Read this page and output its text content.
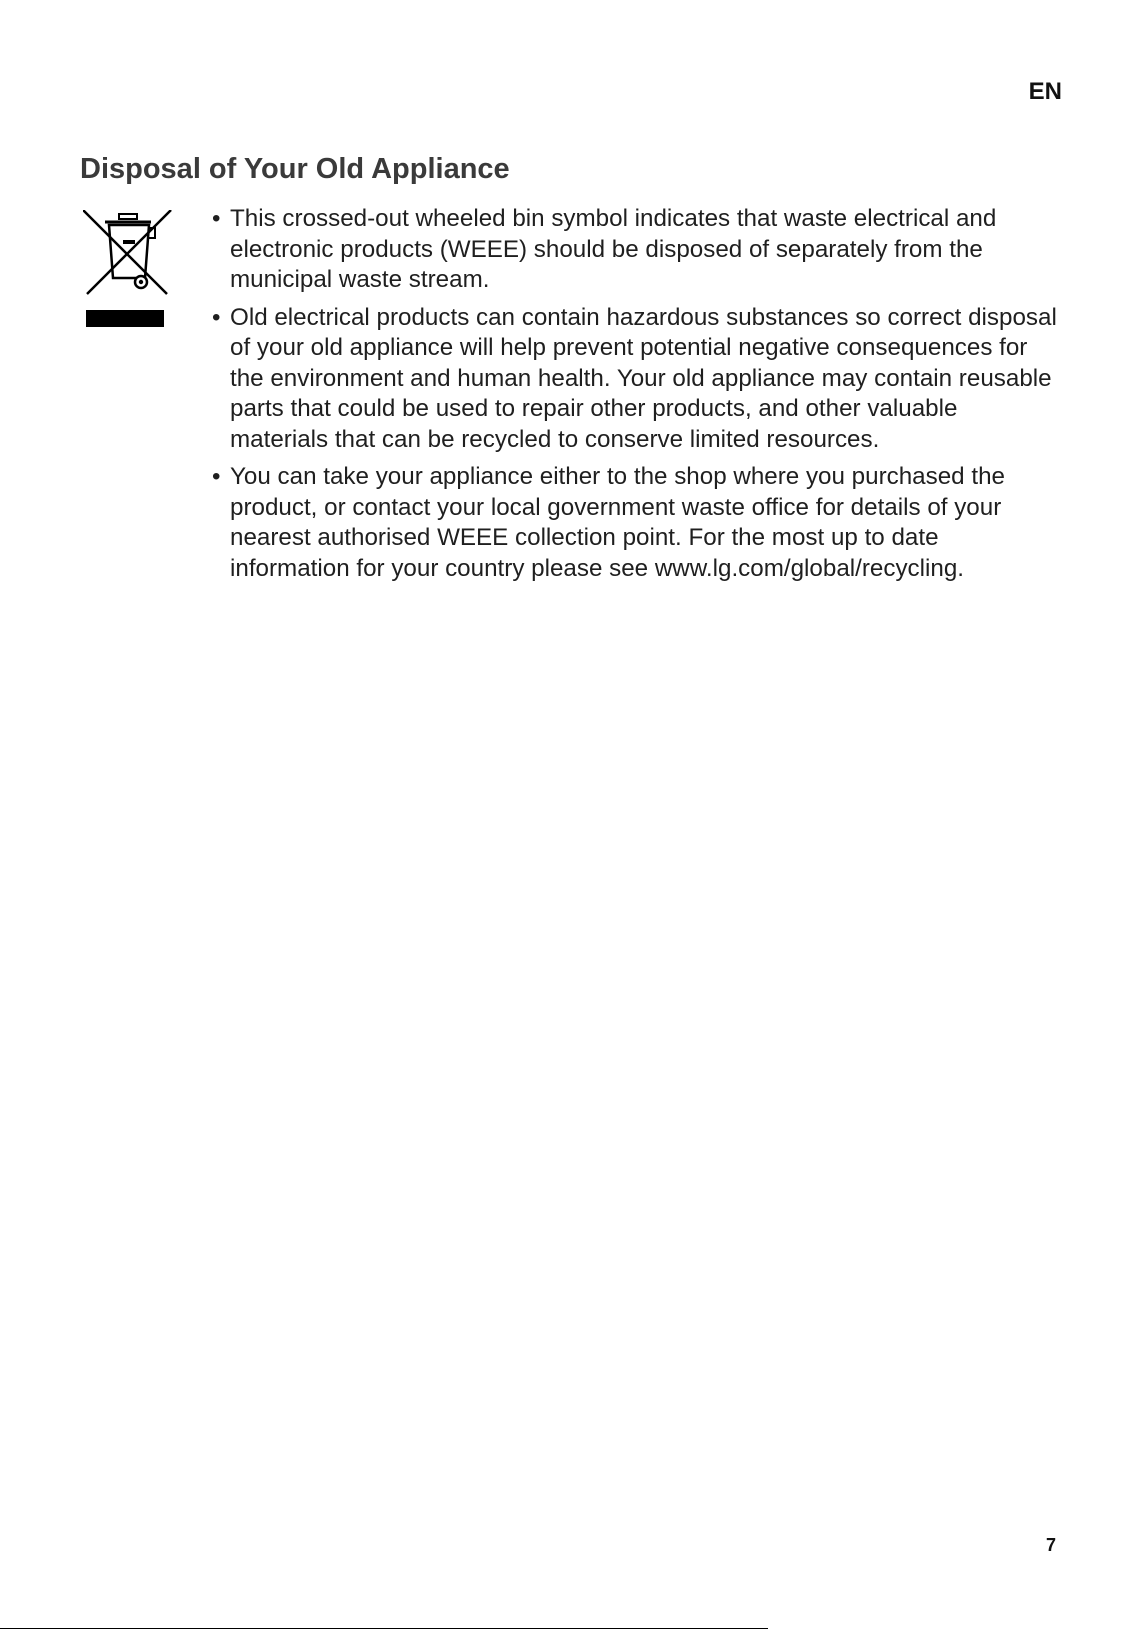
EN
Disposal of Your Old Appliance
• This crossed-out wheeled bin symbol indicates that waste electrical and electronic products (WEEE) should be disposed of separately from the municipal waste stream.
• Old electrical products can contain hazardous substances so correct disposal of your old appliance will help prevent potential negative consequences for the environment and human health. Your old appliance may contain reusable parts that could be used to repair other products, and other valuable materials that can be recycled to conserve limited resources.
• You can take your appliance either to the shop where you purchased the product, or contact your local government waste office for details of your nearest authorised WEEE collection point. For the most up to date information for your country please see www.lg.com/global/recycling.
7
